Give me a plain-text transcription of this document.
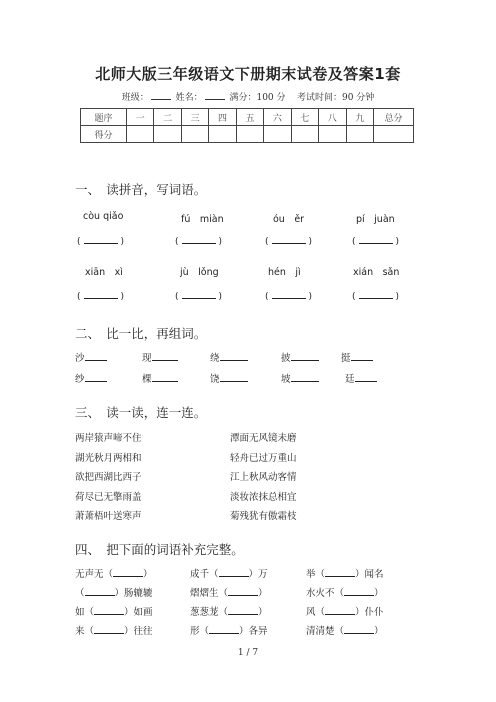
北师大版三年级语文下册期末试卷及答案1套
班级：	姓名：	满分：100 分 考试时间：90 分钟
题序	一	二	三	四	五	六	七	八	九	总分
得分										
一、　读拼音，写词语。
còu qiǎo	fú　miàn	óu　ěr	pí　juàn
(	)	(	)	(	)	(	)
xiān　xì	jù　lǒng	hén　jì	xián　sǎn
(	)	(	)	(	)	(	)
二、　比一比，再组词。
沙	现	绕	披	挺
纱	棵	饶	坡	廷
三、　读一读，连一连。
两岸猿声啼不住
湖光秋月两相和
欲把西湖比西子
荷尽已无擎雨盖
萧萧梧叶送寒声
潭面无风镜未磨
轻舟已过万重山
江上秋风动客情
淡妆浓抹总相宜
菊残犹有傲霜枝
四、　把下面的词语补充完整。
无声无（	）	成千（	）万	举（	）闻名
（	）肠辘辘	熠熠生（	）	水火不（	）
如（	）如画	葱葱茏（	）	风（	）仆仆
来（	）往往	形（	）各异	清清楚（	）
1 / 7
